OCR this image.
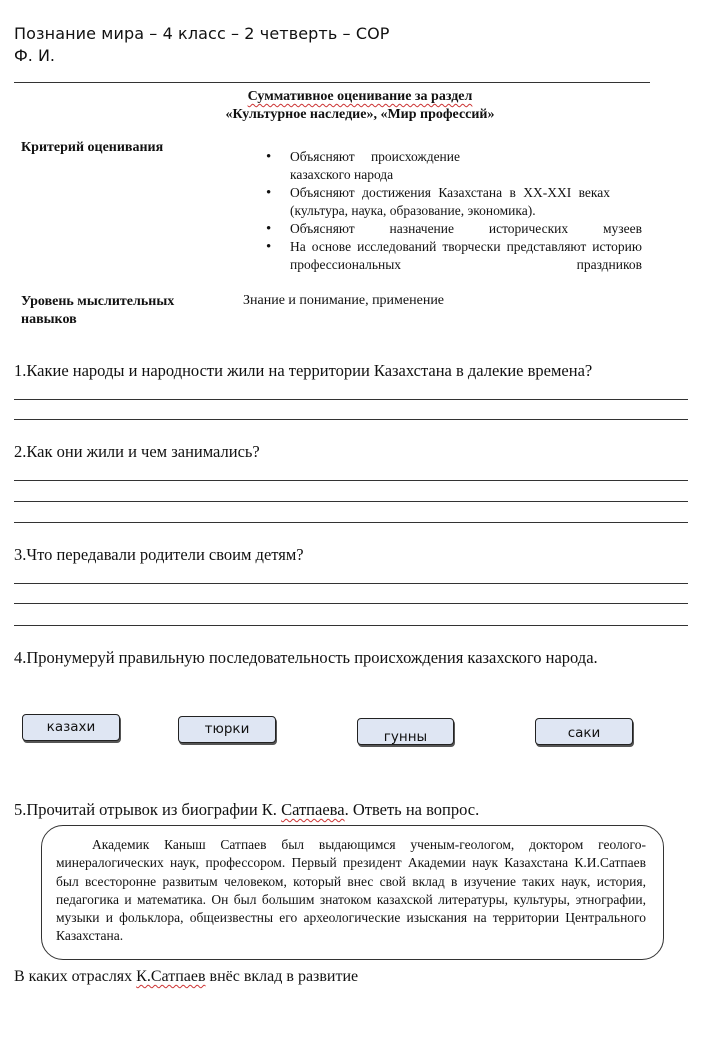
Познание мира – 4 класс – 2 четверть – СОР
Ф. И.
Суммативное оценивание за раздел
«Культурное наследие», «Мир профессий»
Критерий оценивания
• Объясняют происхождение казахского народа
• Объясняют достижения Казахстана в XX-XXI веках (культура, наука, образование, экономика).
• Объясняют назначение исторических музеев
• На основе исследований творчески представляют историю профессиональных праздников
Уровень мыслительных навыков
Знание и понимание, применение
1.Какие народы и народности жили на территории Казахстана в далекие времена?
2.Как они жили и чем занимались?
3.Что передавали родители своим детям?
4.Пронумеруй правильную последовательность происхождения казахского народа.
казахи	тюрки	гунны	саки
5.Прочитай отрывок из биографии К. Сатпаева. Ответь на вопрос.

Академик Каныш Сатпаев был выдающимся ученым-геологом, доктором геолого-минералогических наук, профессором. Первый президент Академии наук Казахстана К.И.Сатпаев был всесторонне развитым человеком, который внес свой вклад в изучение таких наук, история, педагогика и математика. Он был большим знатоком казахской литературы, культуры, этнографии, музыки и фольклора, общеизвестны его археологические изыскания на территории Центрального Казахстана.

В каких отраслях К.Сатпаев внёс вклад в развитие
